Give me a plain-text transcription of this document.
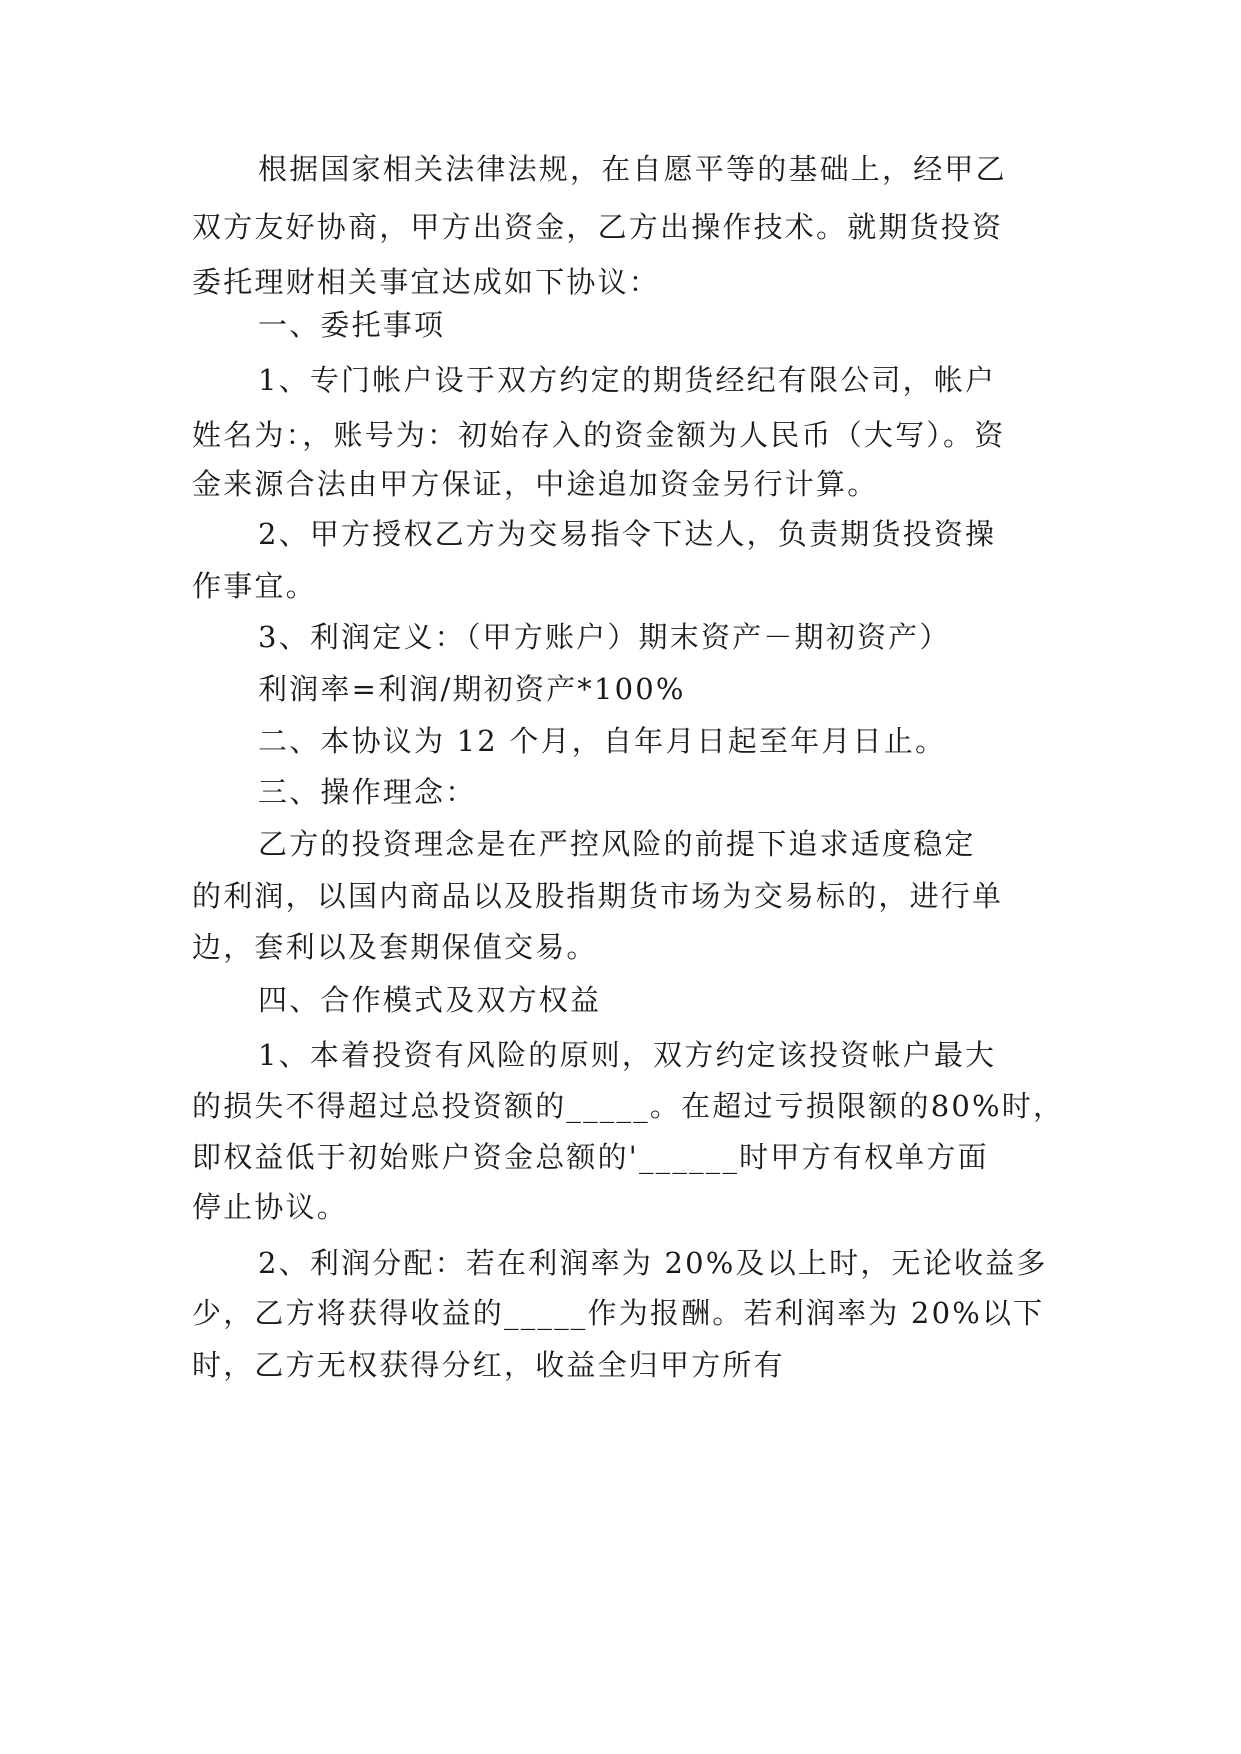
根据国家相关法律法规，在自愿平等的基础上，经甲乙
双方友好协商，甲方出资金，乙方出操作技术。就期货投资
委托理财相关事宜达成如下协议：
一、委托事项
1、专门帐户设于双方约定的期货经纪有限公司，帐户
姓名为：，账号为：初始存入的资金额为人民币（大写）。资
金来源合法由甲方保证，中途追加资金另行计算。
2、甲方授权乙方为交易指令下达人，负责期货投资操
作事宜。
3、利润定义：（甲方账户）期末资产－期初资产）
利润率=利润/期初资产*100%
二、本协议为 12 个月，自年月日起至年月日止。
三、操作理念：
乙方的投资理念是在严控风险的前提下追求适度稳定
的利润，以国内商品以及股指期货市场为交易标的，进行单
边，套利以及套期保值交易。
四、合作模式及双方权益
1、本着投资有风险的原则，双方约定该投资帐户最大
的损失不得超过总投资额的_____。在超过亏损限额的80%时，
即权益低于初始账户资金总额的'______时甲方有权单方面
停止协议。
2、利润分配：若在利润率为 20%及以上时，无论收益多
少，乙方将获得收益的_____作为报酬。若利润率为 20%以下
时，乙方无权获得分红，收益全归甲方所有
